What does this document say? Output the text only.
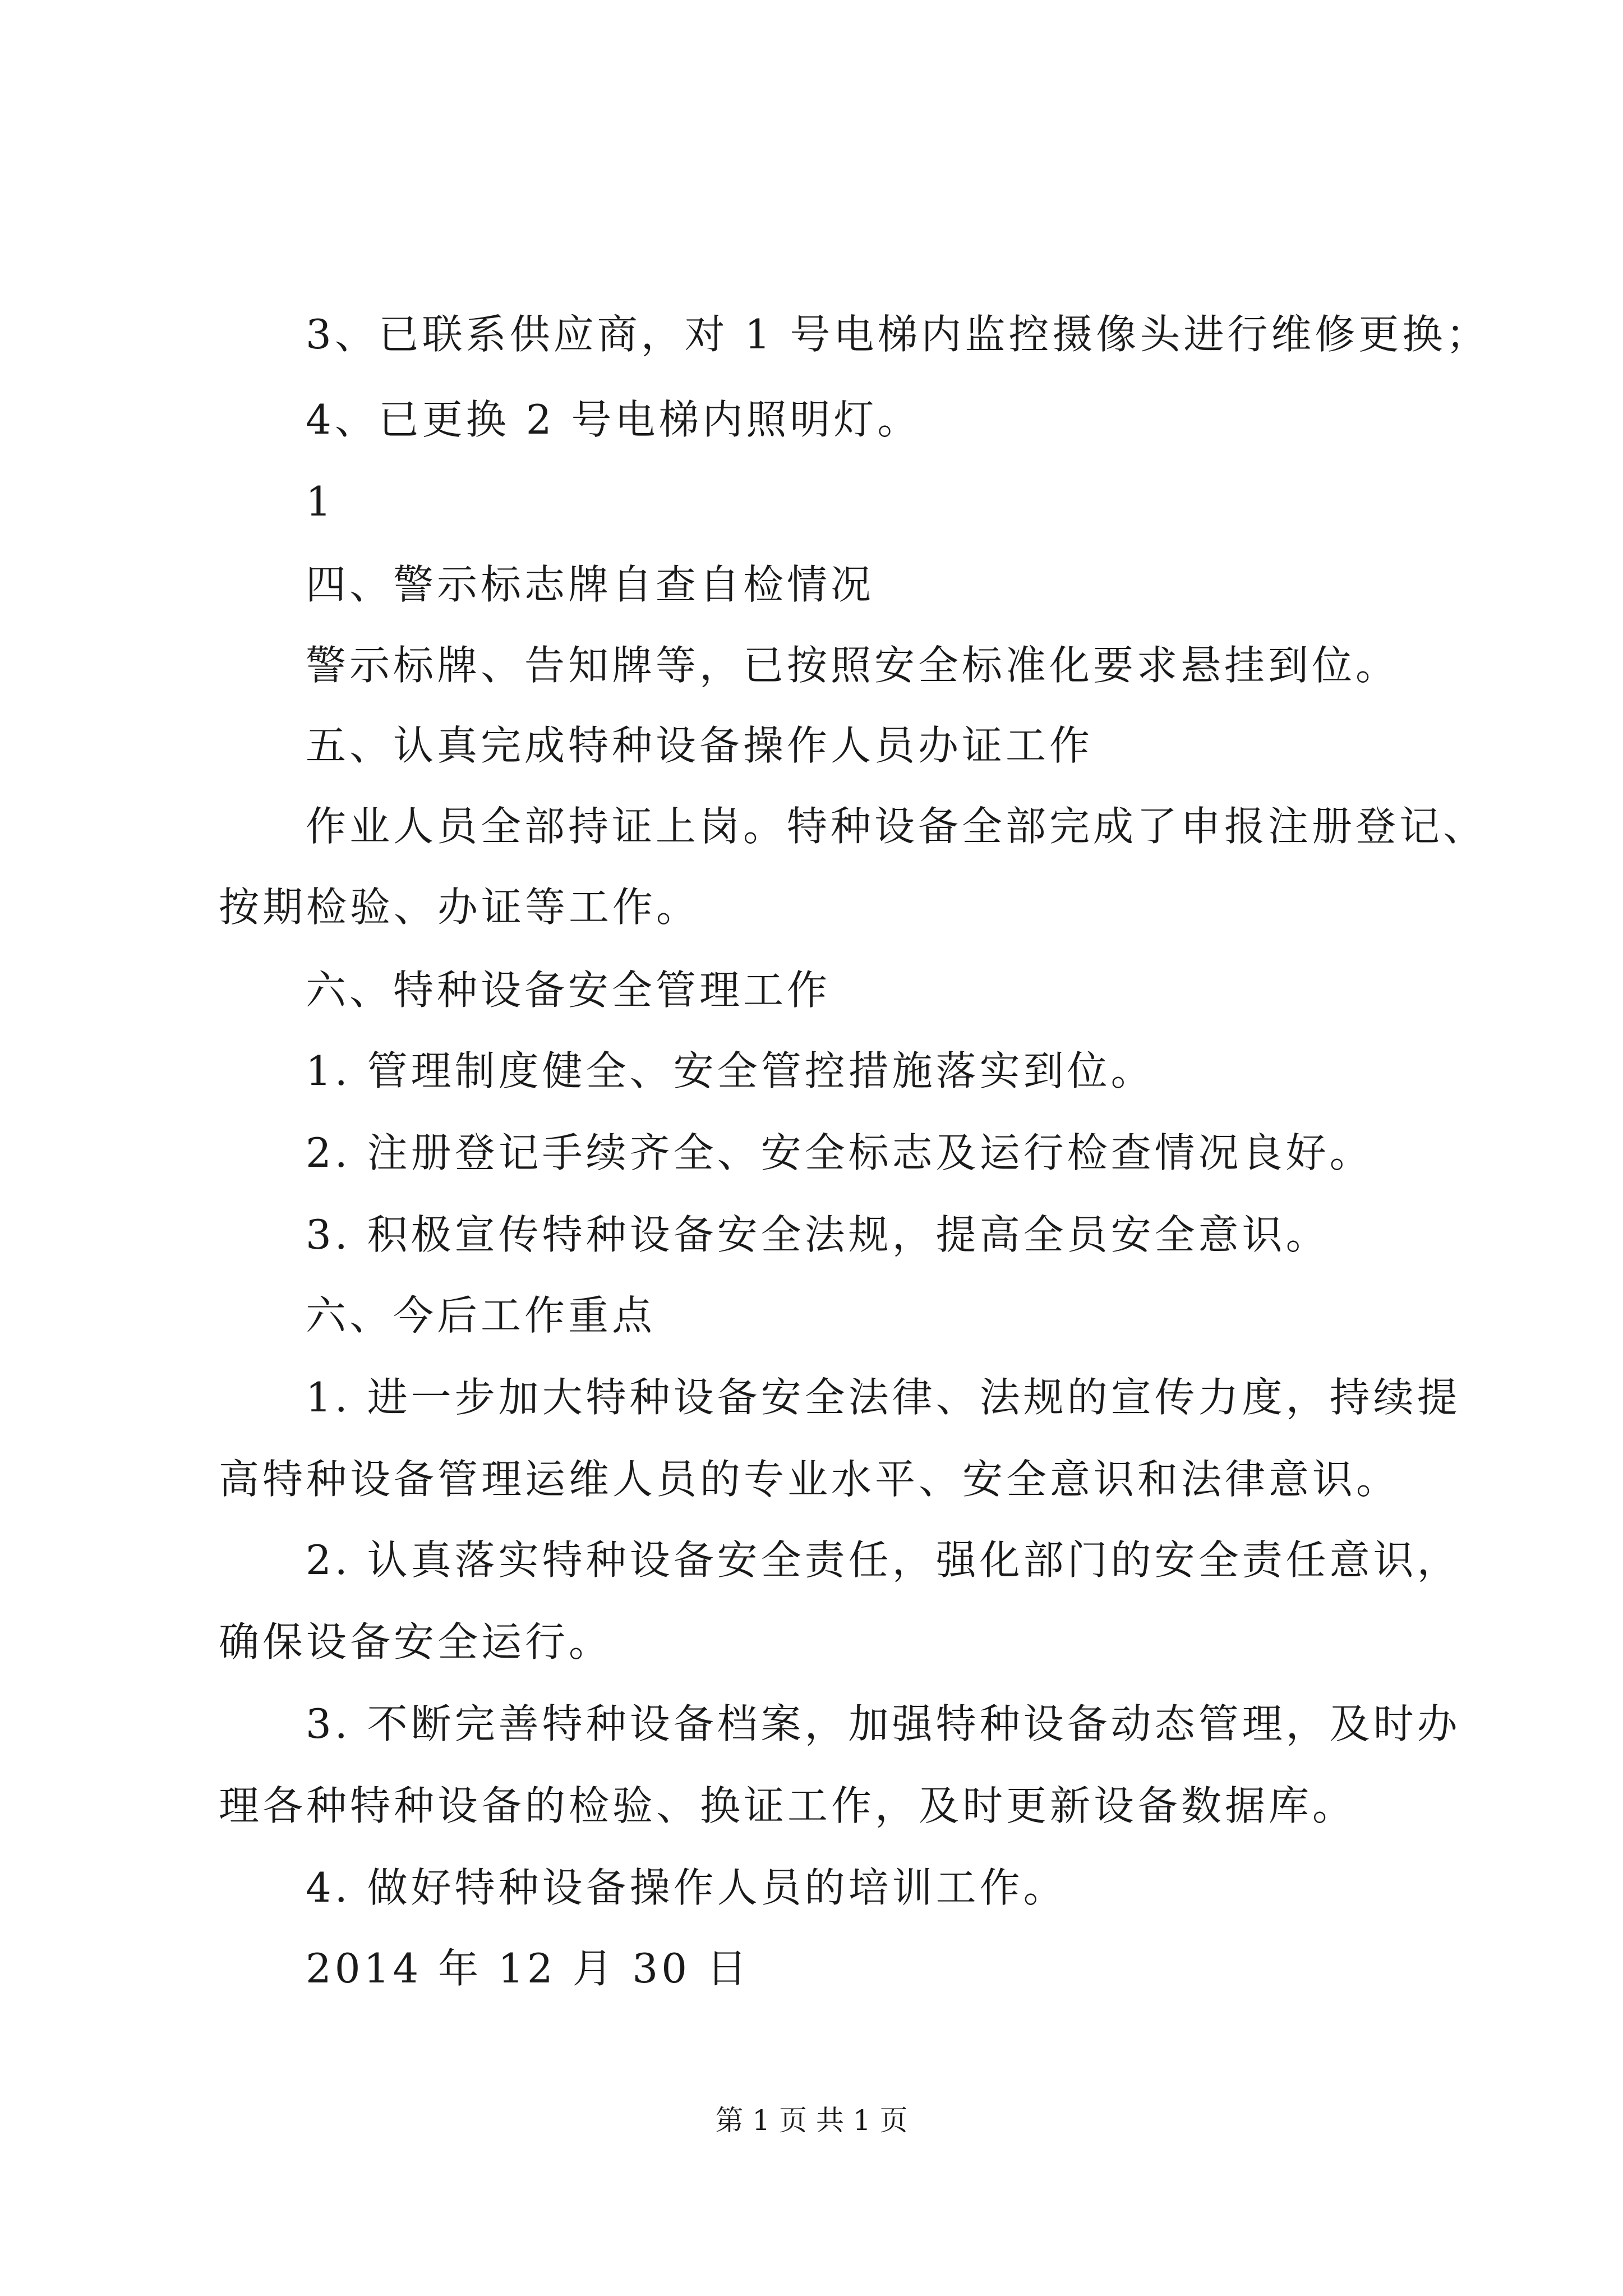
3、已联系供应商，对 1 号电梯内监控摄像头进行维修更换；
4、已更换 2 号电梯内照明灯。
1
四、警示标志牌自查自检情况
警示标牌、告知牌等，已按照安全标准化要求悬挂到位。
五、认真完成特种设备操作人员办证工作
作业人员全部持证上岗。特种设备全部完成了申报注册登记、
按期检验、办证等工作。
六、特种设备安全管理工作
1. 管理制度健全、安全管控措施落实到位。
2. 注册登记手续齐全、安全标志及运行检查情况良好。
3. 积极宣传特种设备安全法规，提高全员安全意识。
六、今后工作重点
1. 进一步加大特种设备安全法律、法规的宣传力度，持续提
高特种设备管理运维人员的专业水平、安全意识和法律意识。
2. 认真落实特种设备安全责任，强化部门的安全责任意识，
确保设备安全运行。
3. 不断完善特种设备档案，加强特种设备动态管理，及时办
理各种特种设备的检验、换证工作，及时更新设备数据库。
4. 做好特种设备操作人员的培训工作。
2014 年 12 月 30 日
第 1 页 共 1 页
